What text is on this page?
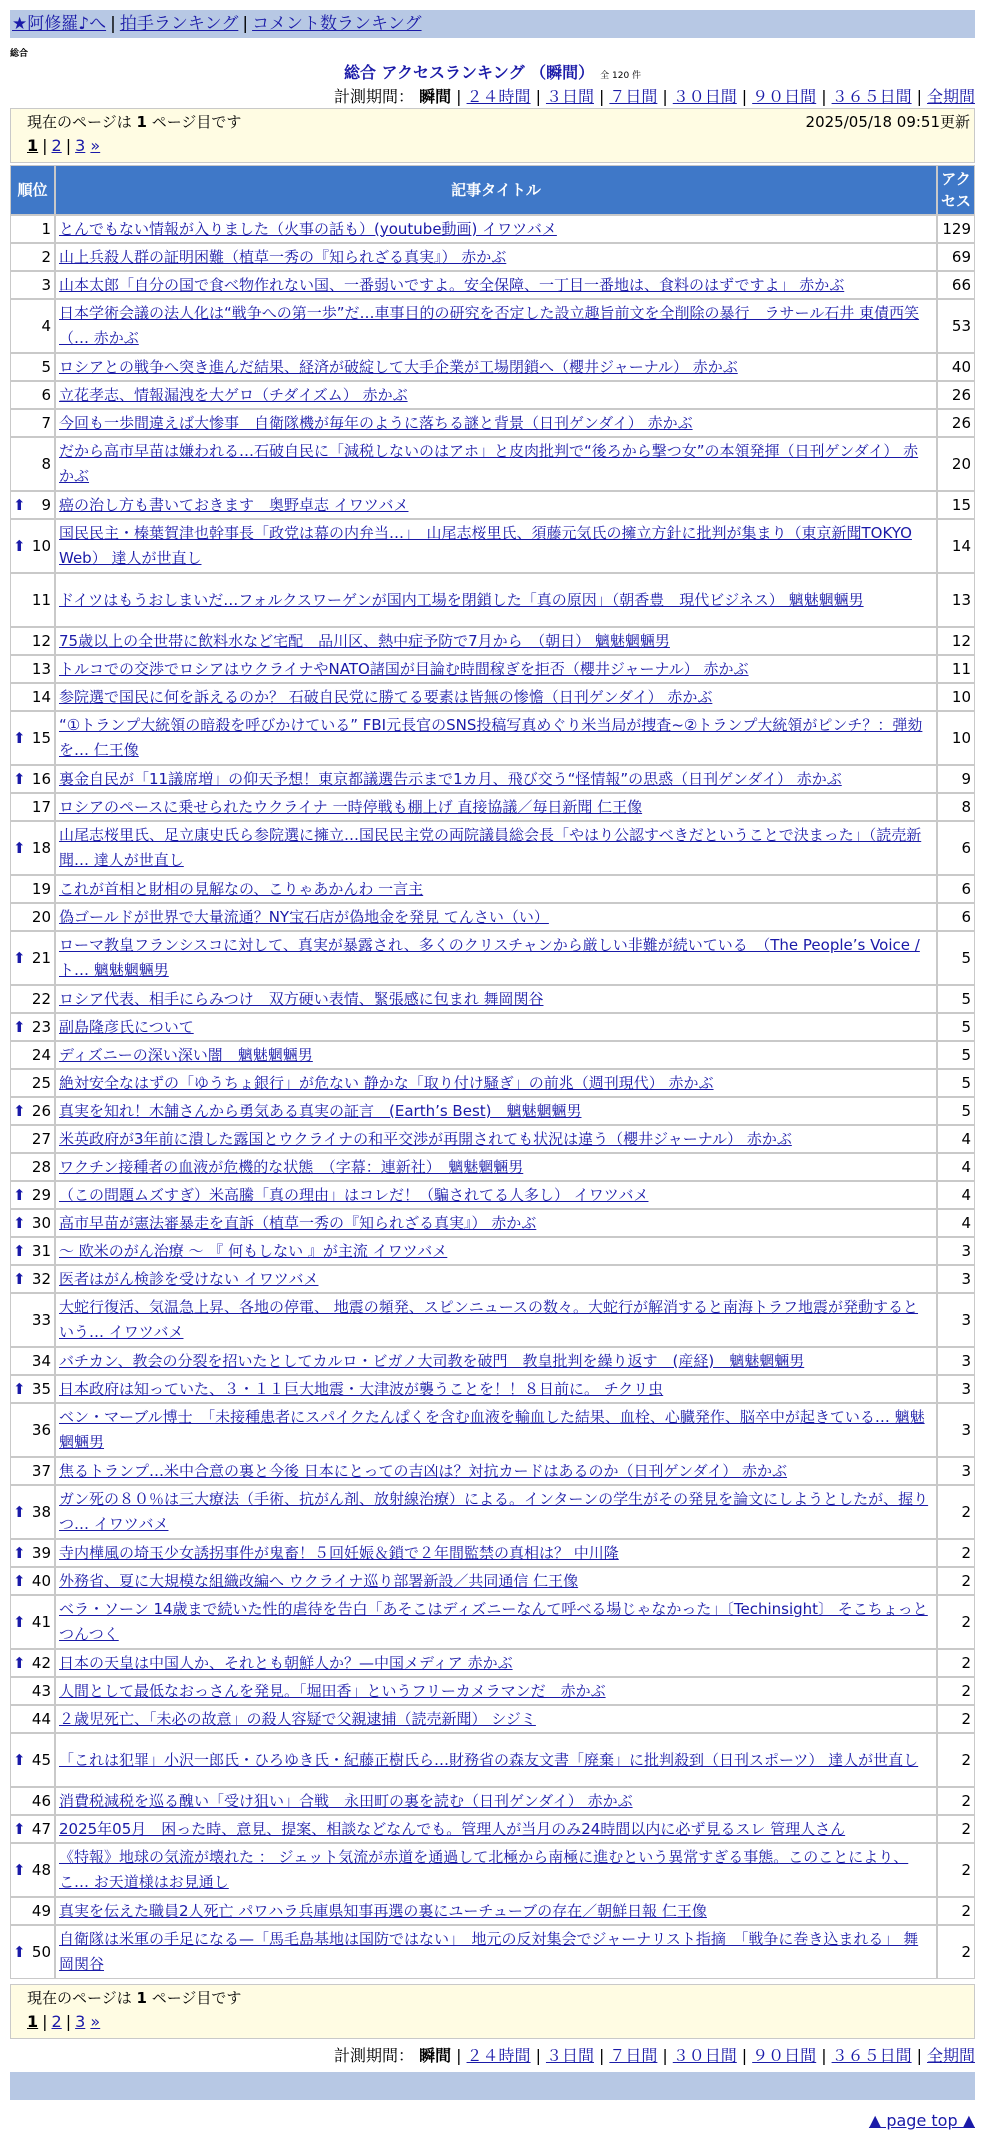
★阿修羅♪へ | 拍手ランキング | コメント数ランキング
総合
総合 アクセスランキング （瞬間） 全 120 件
計測期間： 瞬間 | ２４時間 | ３日間 | ７日間 | ３０日間 | ９０日間 | ３６５日間 | 全期間
現在のページは 1 ページ目です	2025/05/18 09:51更新
1 | 2 | 3 »
順位	記事タイトル	アクセス
1	とんでもない情報が入りました（火事の話も）(youtube動画) イワツバメ	129
2	山上兵殺人群の証明困難（植草一秀の『知られざる真実』） 赤かぶ	69
3	山本太郎「自分の国で食べ物作れない国、一番弱いですよ。安全保障、一丁目一番地は、食料のはずですよ」 赤かぶ	66
4	日本学術会議の法人化は“戦争への第一歩”だ…車事目的の研究を否定した設立趣旨前文を全削除の暴行　ラサール石井 東債西笑（… 赤かぶ	53
5	ロシアとの戦争へ突き進んだ結果、経済が破綻して大手企業が工場閉鎖へ（櫻井ジャーナル） 赤かぶ	40
6	立花孝志、情報漏洩を大ゲロ（チダイズム） 赤かぶ	26
7	今回も一歩間違えば大惨事　自衛隊機が毎年のように落ちる謎と背景（日刊ゲンダイ） 赤かぶ	26
8	だから高市早苗は嫌われる…石破自民に「減税しないのはアホ」と皮肉批判で“後ろから撃つ女”の本領発揮（日刊ゲンダイ） 赤かぶ	20

⬆ 9	癌の治し方も書いておきます　奥野卓志 イワツバメ	15

⬆ 10	国民民主・榛葉賀津也幹事長「政党は幕の内弁当…」　山尾志桜里氏、須藤元気氏の擁立方針に批判が集まり（東京新聞TOKYO Web） 達人が世直し	14
11	ドイツはもうおしまいだ…フォルクスワーゲンが国内工場を閉鎖した「真の原因」（朝香豊　現代ビジネス） 魑魅魍魎男	13
12	75歳以上の全世帯に飲料水など宅配　品川区、熱中症予防で7月から　（朝日） 魑魅魍魎男	12
13	トルコでの交渉でロシアはウクライナやNATO諸国が目論む時間稼ぎを拒否（櫻井ジャーナル） 赤かぶ	11
14	参院選で国民に何を訴えるのか？ 石破自民党に勝てる要素は皆無の惨憺（日刊ゲンダイ） 赤かぶ	10

⬆ 15	“①トランプ大統領の暗殺を呼びかけている” FBI元長官のSNS投稿写真めぐり米当局が捜査~②トランプ大統領がピンチ？：弾劾を… 仁王像	10

⬆ 16	裏金自民が「11議席増」の仰天予想！東京都議選告示まで1カ月、飛び交う“怪情報”の思惑（日刊ゲンダイ） 赤かぶ	9
17	ロシアのペースに乗せられたウクライナ 一時停戦も棚上げ 直接協議／毎日新聞 仁王像	8

⬆ 18	山尾志桜里氏、足立康史氏ら参院選に擁立…国民民主党の両院議員総会長「やはり公認すべきだということで決まった」（読売新聞… 達人が世直し	6
19	これが首相と財相の見解なの、こりゃあかんわ 一言主	6
20	偽ゴールドが世界で大量流通？NY宝石店が偽地金を発見 てんさい（い）	6

⬆ 21	ローマ教皇フランシスコに対して、真実が暴露され、多くのクリスチャンから厳しい非難が続いている　（The People’s Voice / ト… 魑魅魍魎男	5
22	ロシア代表、相手にらみつけ　双方硬い表情、緊張感に包まれ 舞岡関谷	5

⬆ 23	副島隆彦氏について	5
24	ディズニーの深い深い闇　魑魅魍魎男	5
25	絶対安全なはずの「ゆうちょ銀行」が危ない 静かな「取り付け騒ぎ」の前兆（週刊現代） 赤かぶ	5

⬆ 26	真実を知れ！木舗さんから勇気ある真実の証言　(Earth’s Best)　魑魅魍魎男	5
27	米英政府が3年前に潰した露国とウクライナの和平交渉が再開されても状況は違う（櫻井ジャーナル） 赤かぶ	4
28	ワクチン接種者の血液が危機的な状態　（字幕：連新社）　魑魅魍魎男	4

⬆ 29	（この問題ムズすぎ）米高騰「真の理由」はコレだ！（騙されてる人多し） イワツバメ	4

⬆ 30	高市早苗が憲法審暴走を直訴（植草一秀の『知られざる真実』） 赤かぶ	4

⬆ 31	～ 欧米のがん治療 ～ 『 何もしない 』が主流 イワツバメ	3

⬆ 32	医者はがん検診を受けない イワツバメ	3
33	大蛇行復活、気温急上昇、各地の停電、 地震の頻発、スピンニュースの数々。大蛇行が解消すると南海トラフ地震が発動するという… イワツバメ	3
34	バチカン、教会の分裂を招いたとしてカルロ・ビガノ大司教を破門　教皇批判を繰り返す　(産経)　魑魅魍魎男	3

⬆ 35	日本政府は知っていた、３・１１巨大地震・大津波が襲うことを！！８日前に。 チクリ虫	3
36	ベン・マーブル博士　「未接種患者にスパイクたんぱくを含む血液を輸血した結果、血栓、心臓発作、脳卒中が起きている… 魑魅魍魎男	3
37	焦るトランプ…米中合意の裏と今後 日本にとっての吉凶は？対抗カードはあるのか（日刊ゲンダイ） 赤かぶ	3

⬆ 38	ガン死の８０％は三大療法（手術、抗がん剤、放射線治療）による。インターンの学生がその発見を論文にしようとしたが、握りつ… イワツバメ	2

⬆ 39	寺内樺風の埼玉少女誘拐事件が鬼畜！５回妊娠＆鎖で２年間監禁の真相は？ 中川隆	2

⬆ 40	外務省、夏に大規模な組織改編へ ウクライナ巡り部署新設／共同通信 仁王像	2

⬆ 41	ベラ・ソーン 14歳まで続いた性的虐待を告白「あそこはディズニーなんて呼べる場じゃなかった」〔Techinsight〕 そこちょっとつんつく	2

⬆ 42	日本の天皇は中国人か、それとも朝鮮人か？—中国メディア 赤かぶ	2
43	人間として最低なおっさんを発見。「堀田香」というフリーカメラマンだ　赤かぶ	2
44	２歳児死亡、「未必の故意」の殺人容疑で父親逮捕（読売新聞） シジミ	2

⬆ 45	「これは犯罪」小沢一郎氏・ひろゆき氏・紀藤正樹氏ら…財務省の森友文書「廃棄」に批判殺到（日刊スポーツ） 達人が世直し	2
46	消費税減税を巡る醜い「受け狙い」合戦　永田町の裏を読む（日刊ゲンダイ） 赤かぶ	2

⬆ 47	2025年05月　困った時、意見、提案、相談などなんでも。管理人が当月のみ24時間以内に必ず見るスレ 管理人さん	2

⬆ 48	《特報》地球の気流が壊れた ： ジェット気流が赤道を通過して北極から南極に進むという異常すぎる事態。このことにより、こ… お天道様はお見通し	2
49	真実を伝えた職員2人死亡 パワハラ兵庫県知事再選の裏にユーチューブの存在／朝鮮日報 仁王像	2

⬆ 50	自衛隊は米軍の手足になる—「馬毛島基地は国防ではない」　地元の反対集会でジャーナリスト指摘　「戦争に巻き込まれる」 舞岡関谷	2
計測期間： 瞬間 | ２４時間 | ３日間 | ７日間 | ３０日間 | ９０日間 | ３６５日間 | 全期間
現在のページは 1 ページ目です
1 | 2 | 3 »
▲ page top ▲
